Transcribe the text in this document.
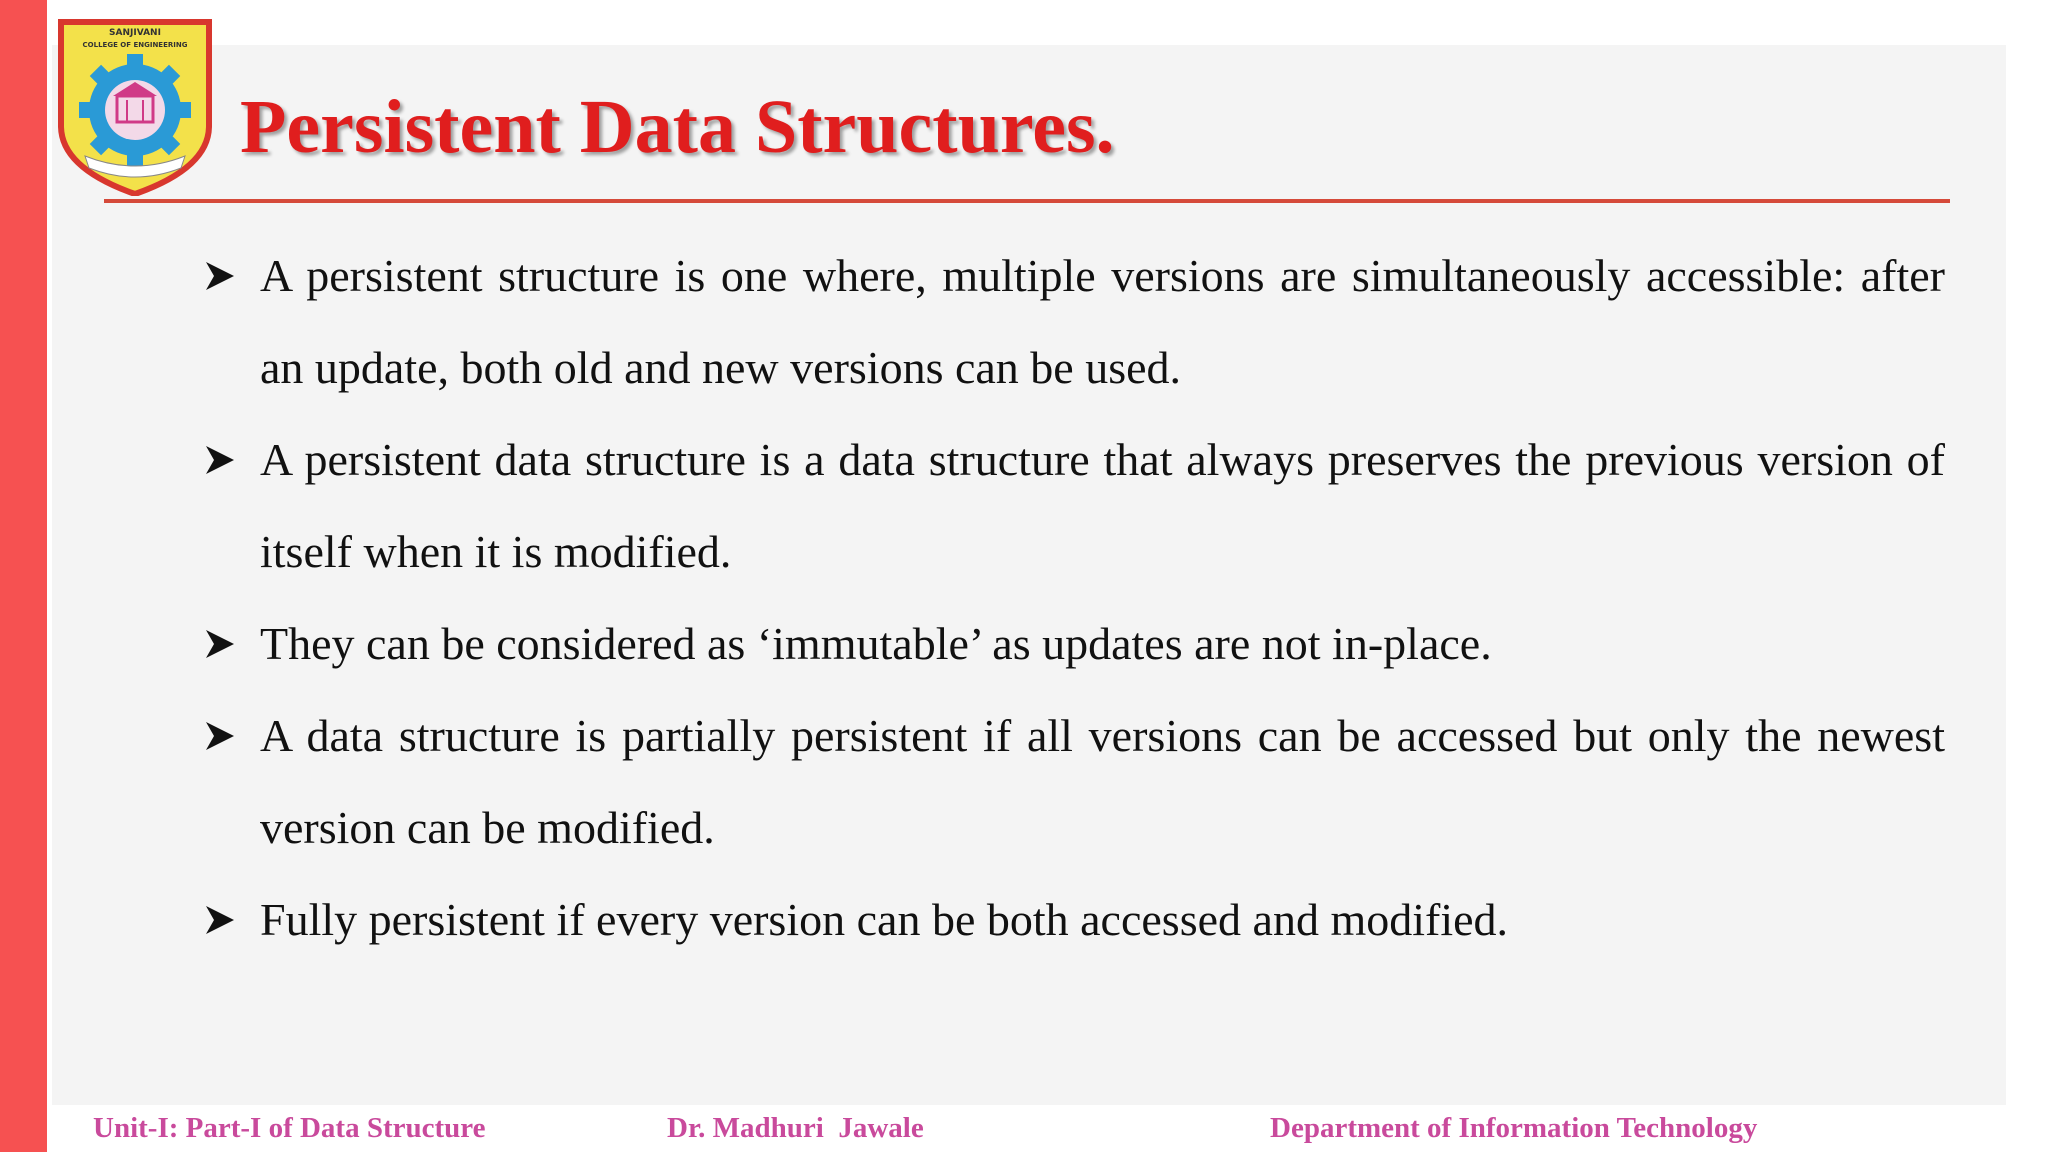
SANJIVANI
COLLEGE OF ENGINEERING
Persistent Data Structures.
A persistent structure is one where, multiple versions are simultaneously accessible: after an update, both old and new versions can be used.
A persistent data structure is a data structure that always preserves the previous version of itself when it is modified.
They can be considered as ‘immutable’ as updates are not in-place.
A data structure is partially persistent if all versions can be accessed but only the newest version can be modified.
Fully persistent if every version can be both accessed and modified.
Unit-I: Part-I of Data Structure	Dr. Madhuri  Jawale	Department of Information Technology
